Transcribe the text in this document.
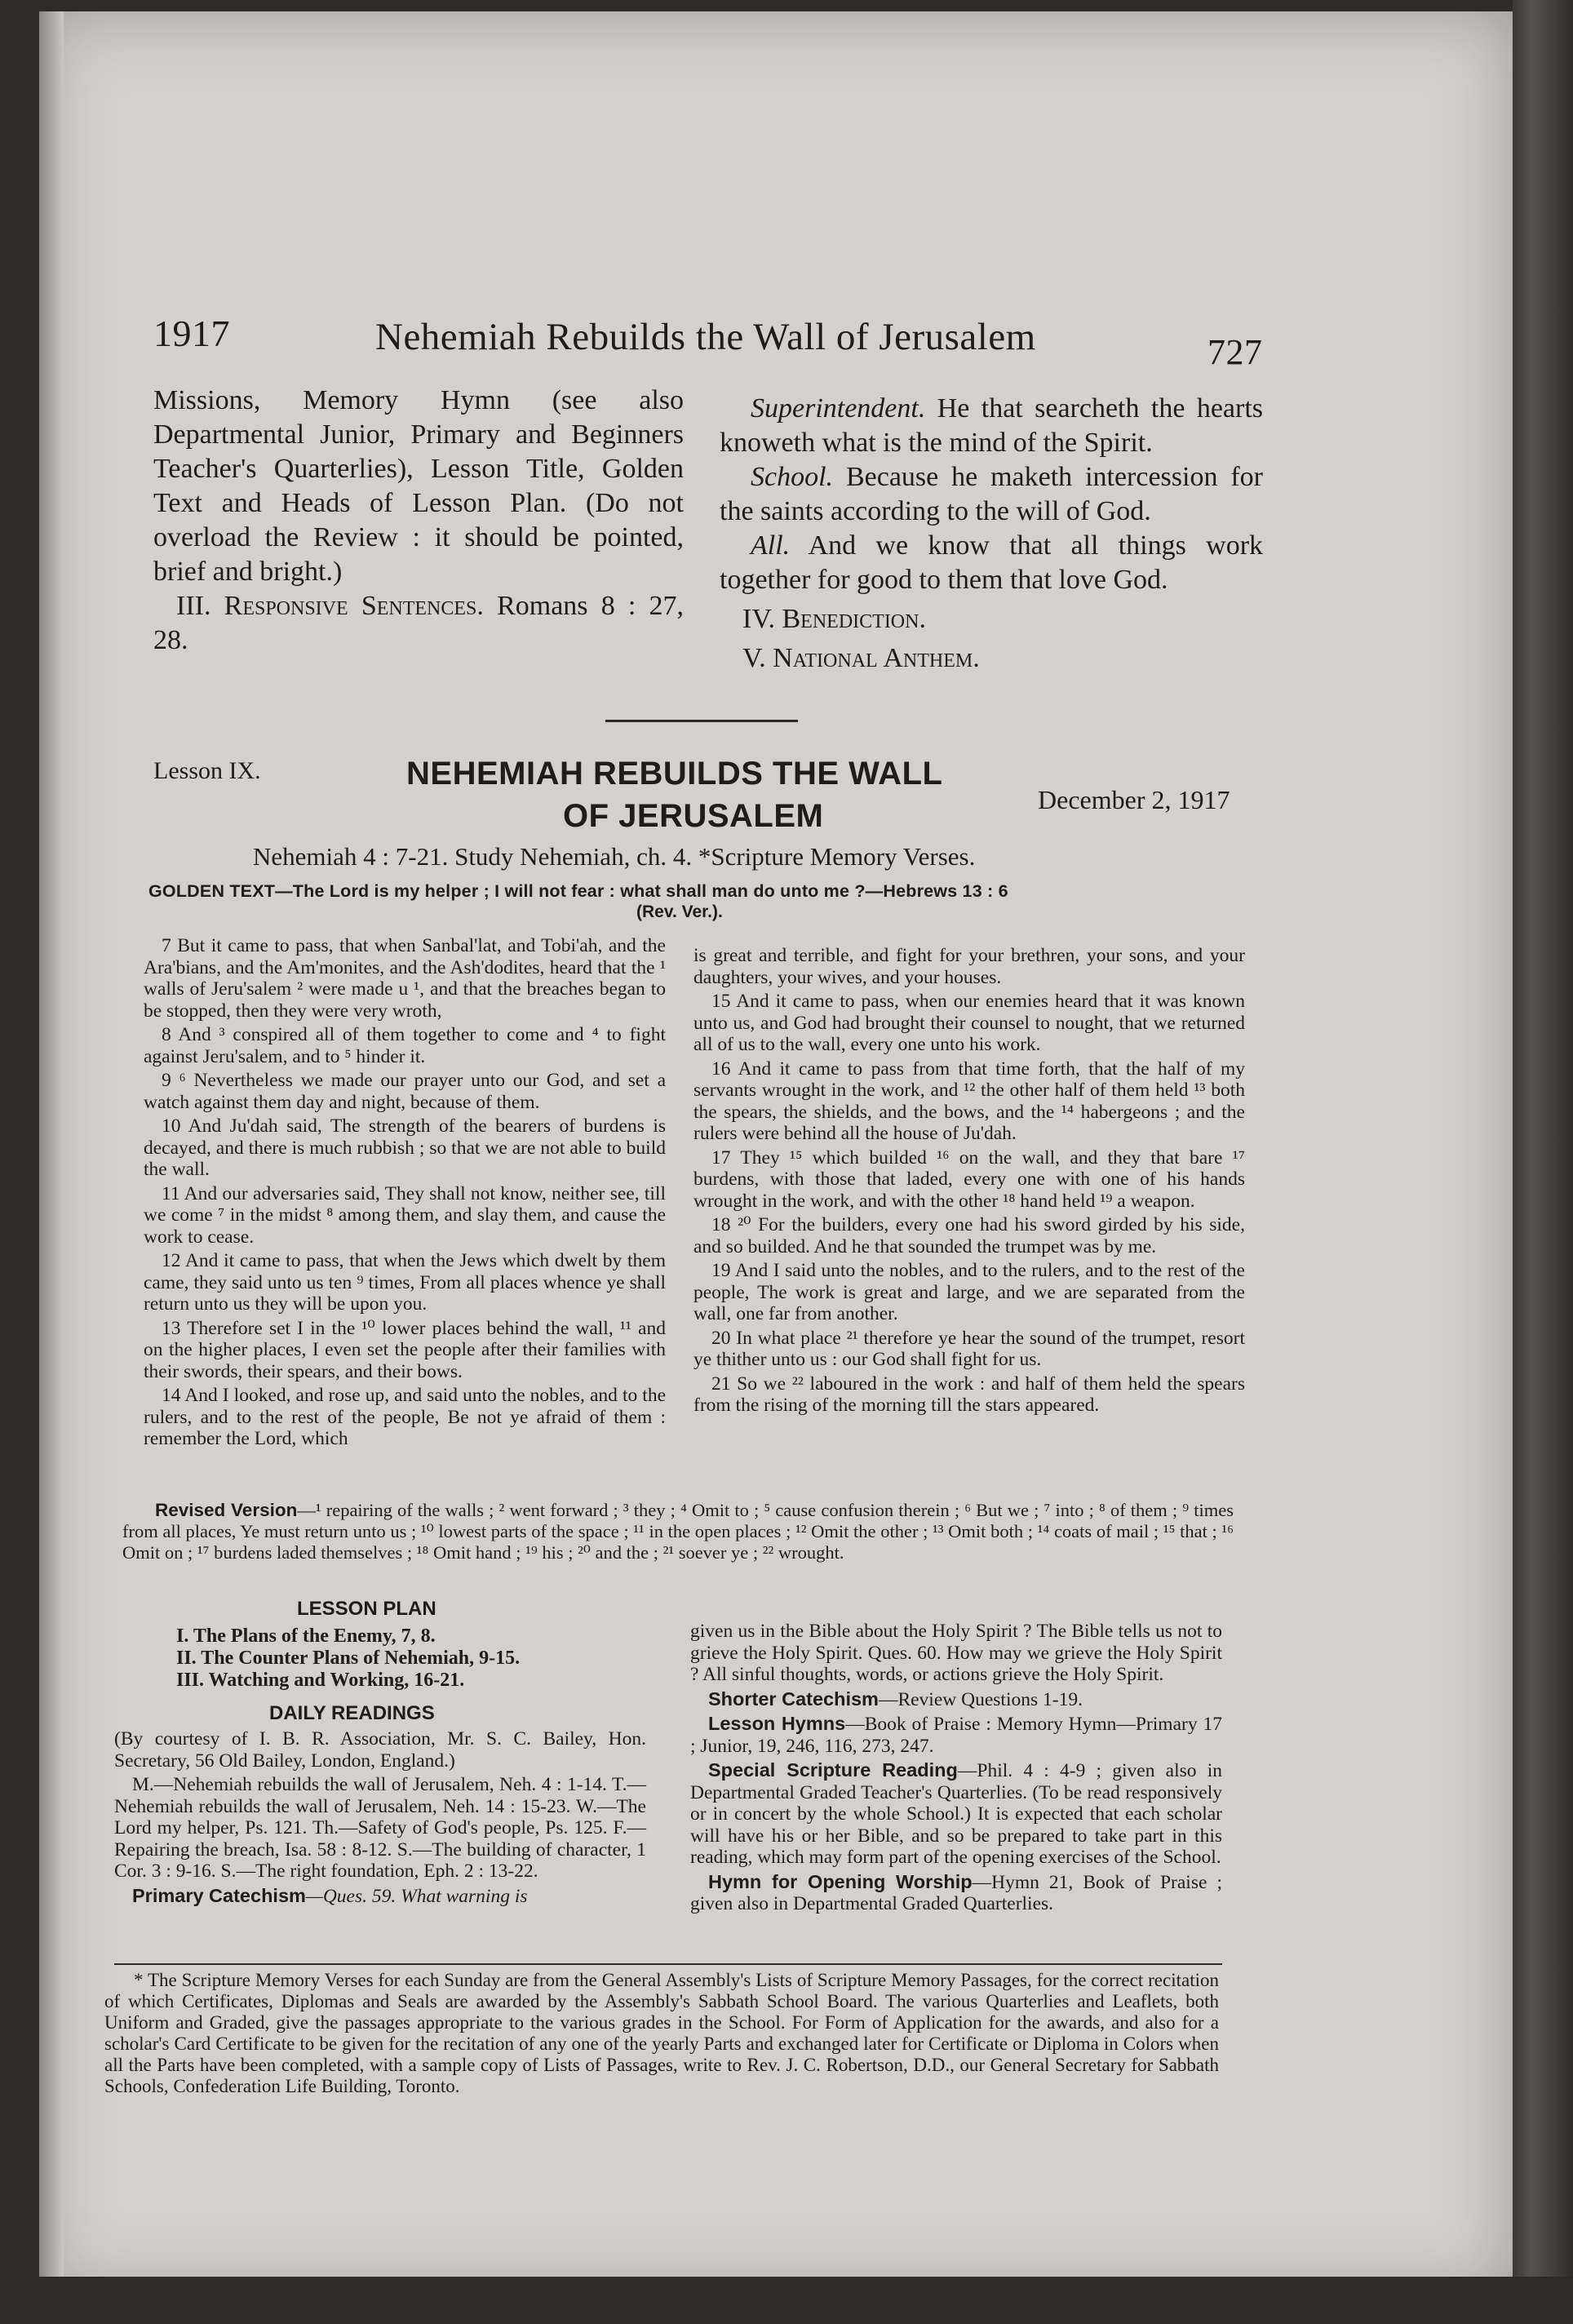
1917	Nehemiah Rebuilds the Wall of Jerusalem	727
Missions, Memory Hymn (see also Departmental Junior, Primary and Beginners Teacher's Quarterlies), Lesson Title, Golden Text and Heads of Lesson Plan. (Do not overload the Review : it should be pointed, brief and bright.)
III. Responsive Sentences. Romans 8 : 27, 28.
Superintendent. He that searcheth the hearts knoweth what is the mind of the Spirit.
School. Because he maketh intercession for the saints according to the will of God.
All. And we know that all things work together for good to them that love God.
IV. Benediction.
V. National Anthem.
Lesson IX.	NEHEMIAH REBUILDS THE WALL
OF JERUSALEM	December 2, 1917
Nehemiah 4 : 7-21. Study Nehemiah, ch. 4. *Scripture Memory Verses.
GOLDEN TEXT—The Lord is my helper ; I will not fear : what shall man do unto me ?—Hebrews 13 : 6
(Rev. Ver.).

7 But it came to pass, that when Sanbal'lat, and Tobi'ah, and the Ara'bians, and the Am'monites, and the Ash'dodites, heard that the ¹ walls of Jeru'salem ² were made u ¹, and that the breaches began to be stopped, then they were very wroth,

8 And ³ conspired all of them together to come and ⁴ to fight against Jeru'salem, and to ⁵ hinder it.

9 ⁶ Nevertheless we made our prayer unto our God, and set a watch against them day and night, because of them.

10 And Ju'dah said, The strength of the bearers of burdens is decayed, and there is much rubbish ; so that we are not able to build the wall.

11 And our adversaries said, They shall not know, neither see, till we come ⁷ in the midst ⁸ among them, and slay them, and cause the work to cease.

12 And it came to pass, that when the Jews which dwelt by them came, they said unto us ten ⁹ times, From all places whence ye shall return unto us they will be upon you.

13 Therefore set I in the ¹⁰ lower places behind the wall, ¹¹ and on the higher places, I even set the people after their families with their swords, their spears, and their bows.

14 And I looked, and rose up, and said unto the nobles, and to the rulers, and to the rest of the people, Be not ye afraid of them : remember the Lord, which

is great and terrible, and fight for your brethren, your sons, and your daughters, your wives, and your houses.

15 And it came to pass, when our enemies heard that it was known unto us, and God had brought their counsel to nought, that we returned all of us to the wall, every one unto his work.

16 And it came to pass from that time forth, that the half of my servants wrought in the work, and ¹² the other half of them held ¹³ both the spears, the shields, and the bows, and the ¹⁴ habergeons ; and the rulers were behind all the house of Ju'dah.

17 They ¹⁵ which builded ¹⁶ on the wall, and they that bare ¹⁷ burdens, with those that laded, every one with one of his hands wrought in the work, and with the other ¹⁸ hand held ¹⁹ a weapon.

18 ²⁰ For the builders, every one had his sword girded by his side, and so builded. And he that sounded the trumpet was by me.

19 And I said unto the nobles, and to the rulers, and to the rest of the people, The work is great and large, and we are separated from the wall, one far from another.

20 In what place ²¹ therefore ye hear the sound of the trumpet, resort ye thither unto us : our God shall fight for us.

21 So we ²² laboured in the work : and half of them held the spears from the rising of the morning till the stars appeared.

Revised Version—¹ repairing of the walls ; ² went forward ; ³ they ; ⁴ Omit to ; ⁵ cause confusion therein ; ⁶ But we ; ⁷ into ; ⁸ of them ; ⁹ times from all places, Ye must return unto us ; ¹⁰ lowest parts of the space ; ¹¹ in the open places ; ¹² Omit the other ; ¹³ Omit both ; ¹⁴ coats of mail ; ¹⁵ that ; ¹⁶ Omit on ; ¹⁷ burdens laded themselves ; ¹⁸ Omit hand ; ¹⁹ his ; ²⁰ and the ; ²¹ soever ye ; ²² wrought.
LESSON PLAN
I. The Plans of the Enemy, 7, 8.
II. The Counter Plans of Nehemiah, 9-15.
III. Watching and Working, 16-21.
DAILY READINGS

(By courtesy of I. B. R. Association, Mr. S. C. Bailey, Hon. Secretary, 56 Old Bailey, London, England.)

M.—Nehemiah rebuilds the wall of Jerusalem, Neh. 4 : 1-14. T.—Nehemiah rebuilds the wall of Jerusalem, Neh. 14 : 15-23. W.—The Lord my helper, Ps. 121. Th.—Safety of God's people, Ps. 125. F.—Repairing the breach, Isa. 58 : 8-12. S.—The building of character, 1 Cor. 3 : 9-16. S.—The right foundation, Eph. 2 : 13-22.

Primary Catechism—Ques. 59. What warning is

given us in the Bible about the Holy Spirit ? The Bible tells us not to grieve the Holy Spirit. Ques. 60. How may we grieve the Holy Spirit ? All sinful thoughts, words, or actions grieve the Holy Spirit.

Shorter Catechism—Review Questions 1-19.

Lesson Hymns—Book of Praise : Memory Hymn—Primary 17 ; Junior, 19, 246, 116, 273, 247.

Special Scripture Reading—Phil. 4 : 4-9 ; given also in Departmental Graded Teacher's Quarterlies. (To be read responsively or in concert by the whole School.) It is expected that each scholar will have his or her Bible, and so be prepared to take part in this reading, which may form part of the opening exercises of the School.

Hymn for Opening Worship—Hymn 21, Book of Praise ; given also in Departmental Graded Quarterlies.

* The Scripture Memory Verses for each Sunday are from the General Assembly's Lists of Scripture Memory Passages, for the correct recitation of which Certificates, Diplomas and Seals are awarded by the Assembly's Sabbath School Board. The various Quarterlies and Leaflets, both Uniform and Graded, give the passages appropriate to the various grades in the School. For Form of Application for the awards, and also for a scholar's Card Certificate to be given for the recitation of any one of the yearly Parts and exchanged later for Certificate or Diploma in Colors when all the Parts have been completed, with a sample copy of Lists of Passages, write to Rev. J. C. Robertson, D.D., our General Secretary for Sabbath Schools, Confederation Life Building, Toronto.
